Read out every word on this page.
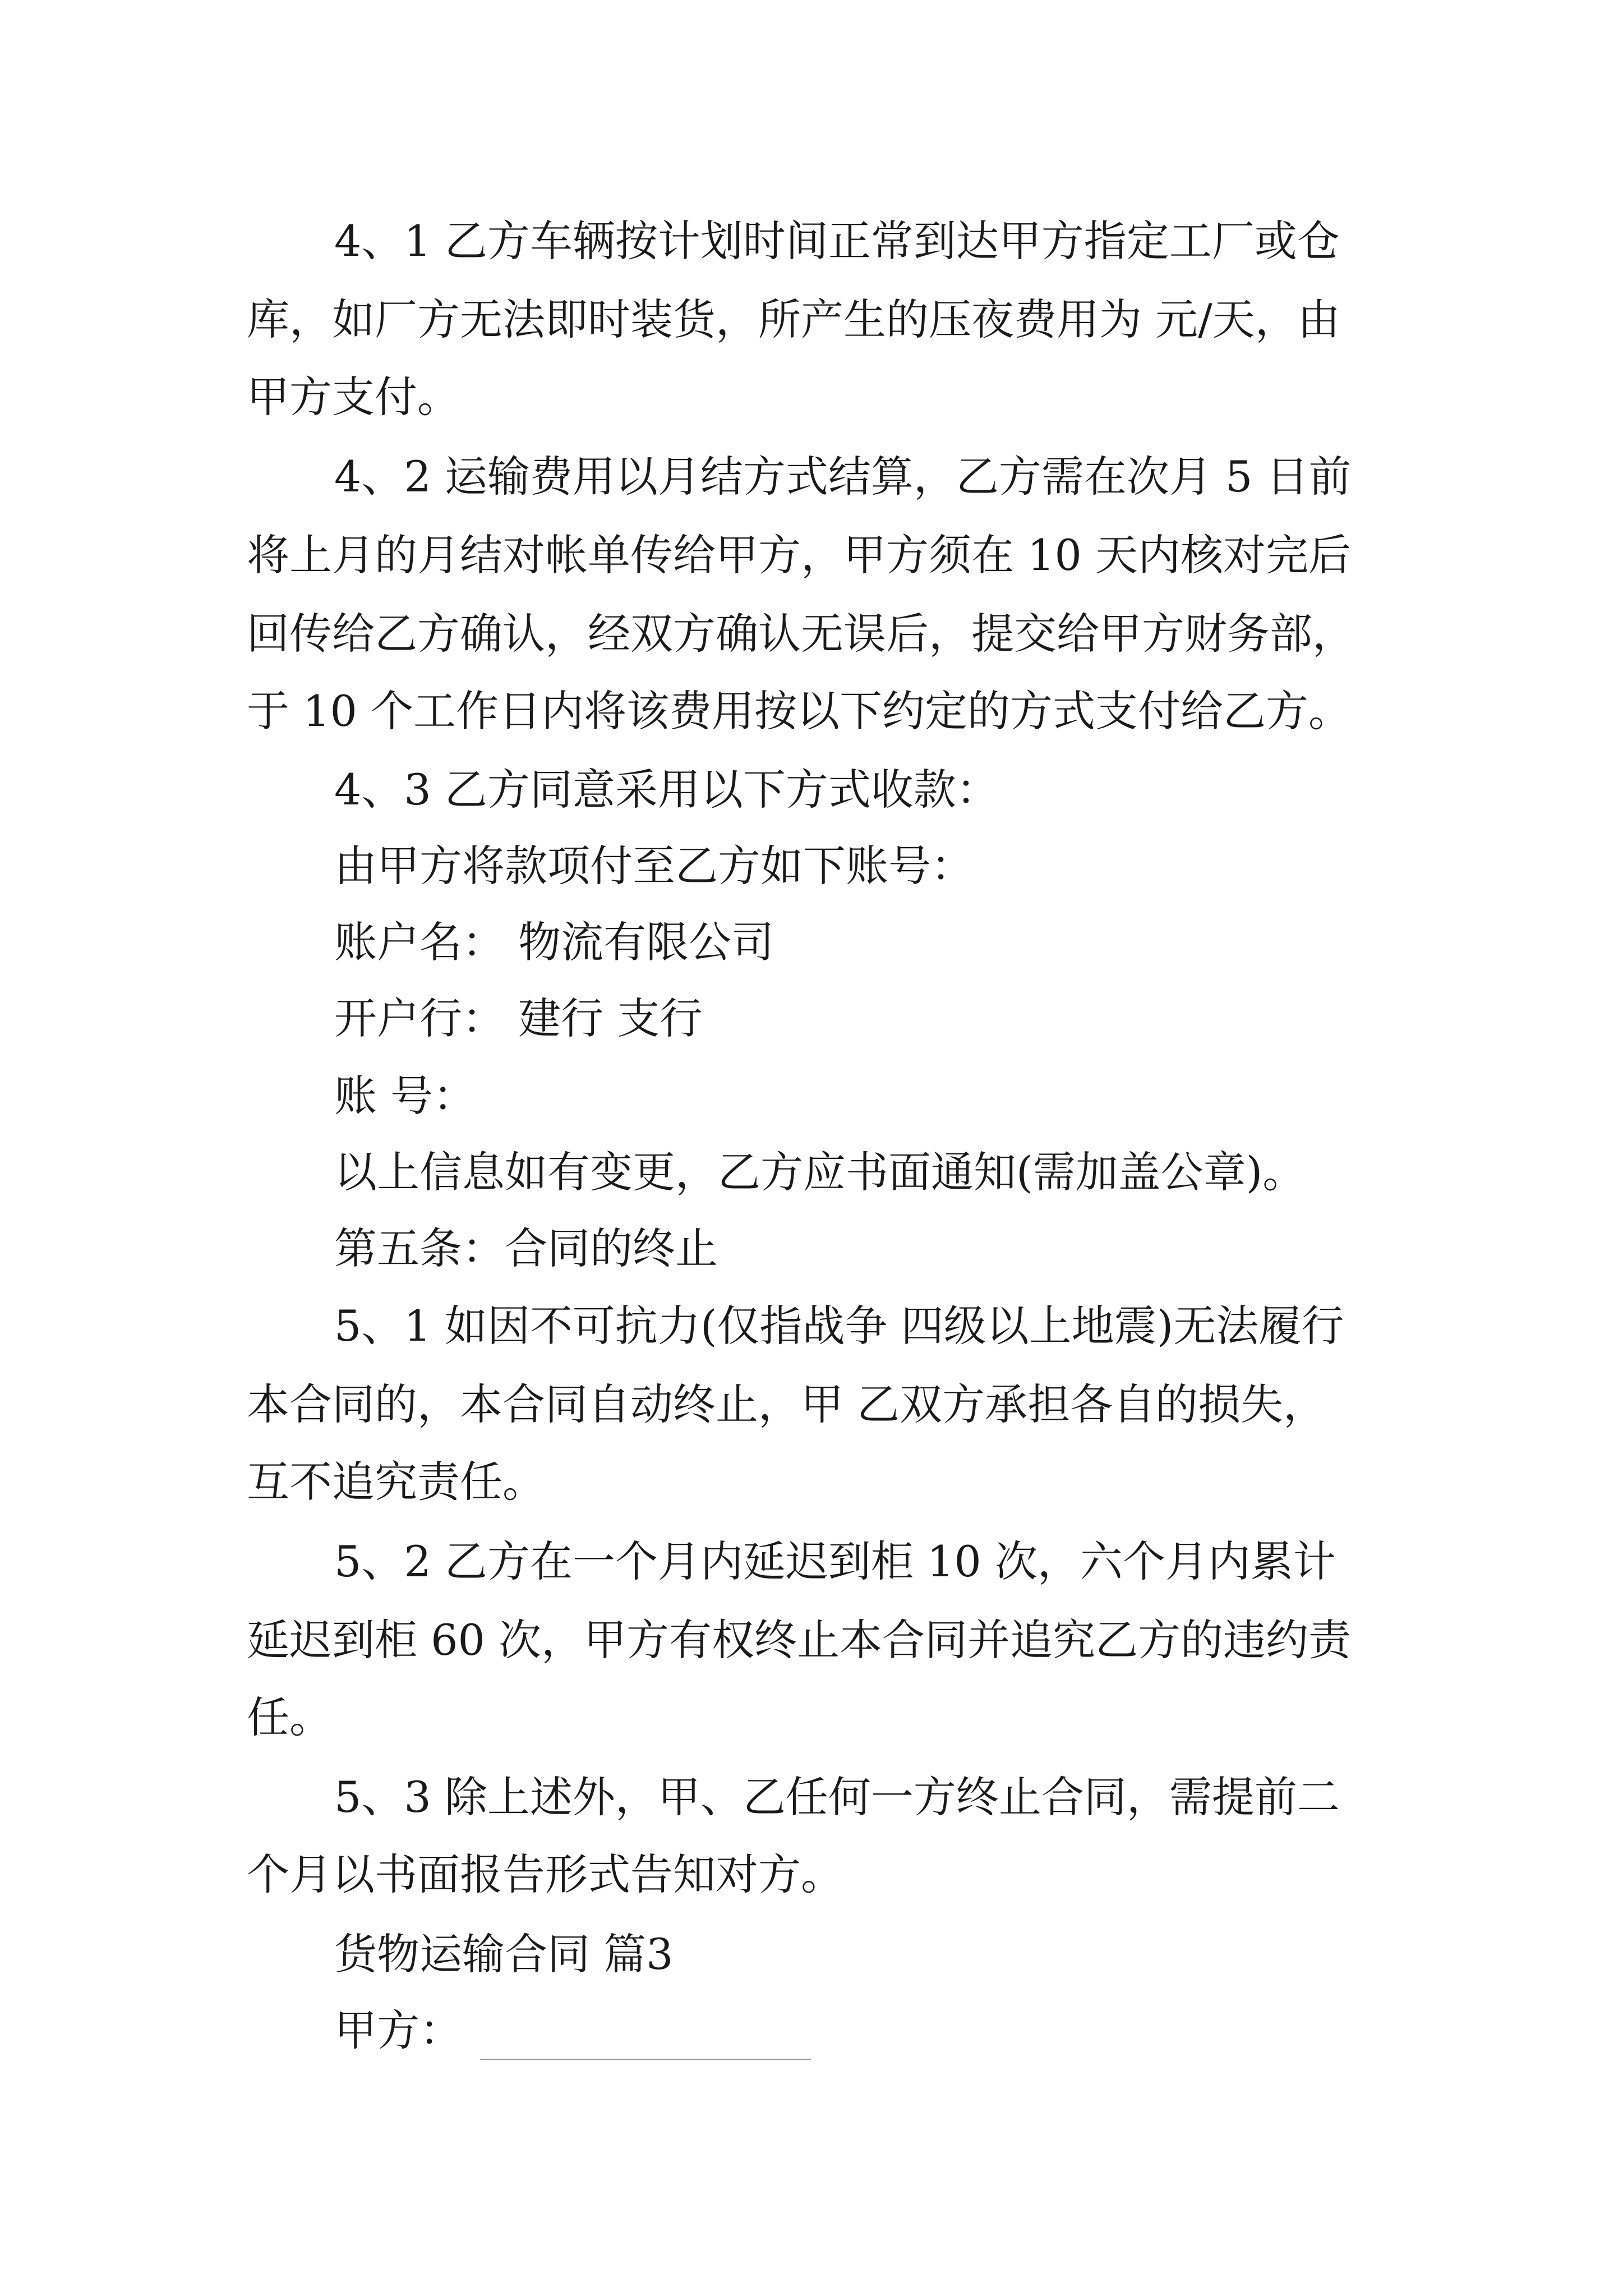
4、1 乙方车辆按计划时间正常到达甲方指定工厂或仓

库，如厂方无法即时装货，所产生的压夜费用为 元/天，由

甲方支付。

4、2 运输费用以月结方式结算，乙方需在次月 5 日前

将上月的月结对帐单传给甲方，甲方须在 10 天内核对完后

回传给乙方确认，经双方确认无误后，提交给甲方财务部，

于 10 个工作日内将该费用按以下约定的方式支付给乙方。

4、3 乙方同意采用以下方式收款：

由甲方将款项付至乙方如下账号：

账户名： 物流有限公司

开户行： 建行 支行

账 号：

以上信息如有变更，乙方应书面通知(需加盖公章)。

第五条：合同的终止

5、1 如因不可抗力(仅指战争 四级以上地震)无法履行

本合同的，本合同自动终止，甲 乙双方承担各自的损失，

互不追究责任。

5、2 乙方在一个月内延迟到柜 10 次，六个月内累计

延迟到柜 60 次，甲方有权终止本合同并追究乙方的违约责

任。

5、3 除上述外，甲、乙任何一方终止合同，需提前二

个月以书面报告形式告知对方。

货物运输合同 篇3

甲方：
